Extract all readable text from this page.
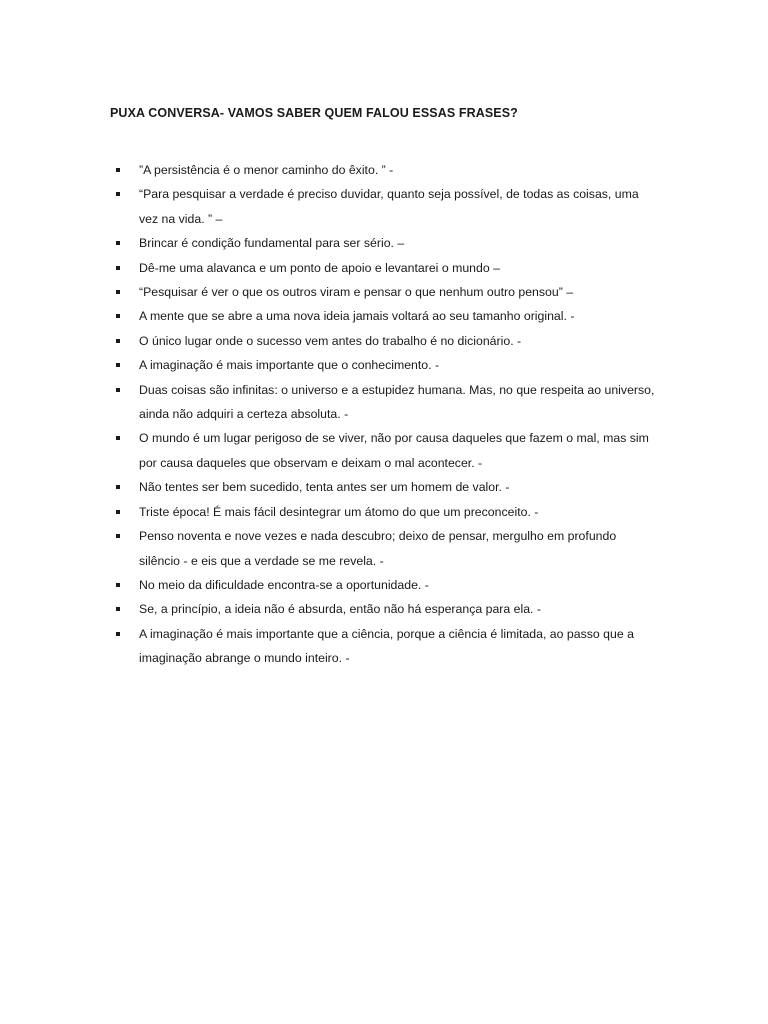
PUXA CONVERSA- VAMOS SABER QUEM FALOU ESSAS FRASES?
”A persistência é o menor caminho do êxito. ” -
“Para pesquisar a verdade é preciso duvidar, quanto seja possível, de todas as coisas, uma vez na vida. ” –
Brincar é condição fundamental para ser sério. –
Dê-me uma alavanca e um ponto de apoio e levantarei o mundo –
“Pesquisar é ver o que os outros viram e pensar o que nenhum outro pensou” –
A mente que se abre a uma nova ideia jamais voltará ao seu tamanho original. -
O único lugar onde o sucesso vem antes do trabalho é no dicionário. -
A imaginação é mais importante que o conhecimento. -
Duas coisas são infinitas: o universo e a estupidez humana. Mas, no que respeita ao universo, ainda não adquiri a certeza absoluta. -
O mundo é um lugar perigoso de se viver, não por causa daqueles que fazem o mal, mas sim por causa daqueles que observam e deixam o mal acontecer. -
Não tentes ser bem sucedido, tenta antes ser um homem de valor. -
Triste época! É mais fácil desintegrar um átomo do que um preconceito. -
Penso noventa e nove vezes e nada descubro; deixo de pensar, mergulho em profundo silêncio - e eis que a verdade se me revela. -
No meio da dificuldade encontra-se a oportunidade. -
Se, a princípio, a ideia não é absurda, então não há esperança para ela. -
A imaginação é mais importante que a ciência, porque a ciência é limitada, ao passo que a imaginação abrange o mundo inteiro. -
